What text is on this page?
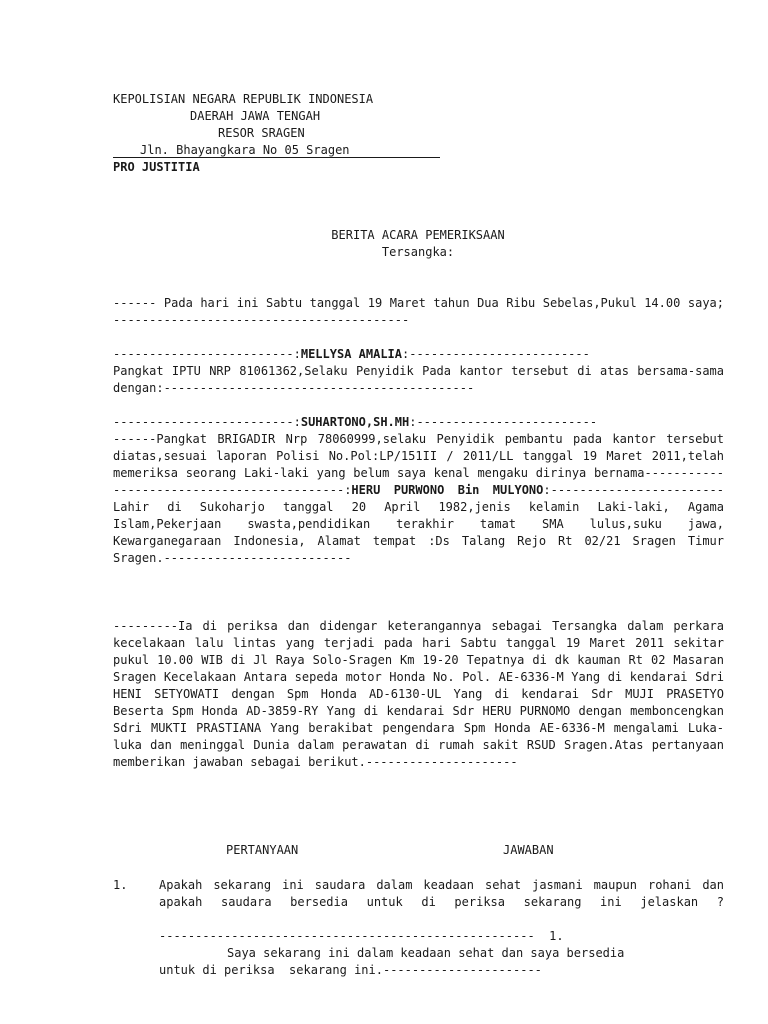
KEPOLISIAN NEGARA REPUBLIK INDONESIA
DAERAH JAWA TENGAH
RESOR SRAGEN
Jln. Bhayangkara No 05 Sragen
PRO JUSTITIA
BERITA ACARA PEMERIKSAAN
Tersangka:
------ Pada hari ini Sabtu tanggal 19 Maret tahun Dua Ribu Sebelas,Pukul 14.00 saya; -----------------------------------------
-------------------------:MELLYSA AMALIA:-------------------------
Pangkat IPTU NRP 81061362,Selaku Penyidik Pada kantor tersebut di atas bersama-sama dengan:-------------------------------------------
-------------------------:SUHARTONO,SH.MH:-------------------------
------Pangkat BRIGADIR Nrp 78060999,selaku Penyidik pembantu pada kantor tersebut diatas,sesuai laporan Polisi No.Pol:LP/151II / 2011/LL tanggal 19 Maret 2011,telah memeriksa seorang Laki-laki yang belum saya kenal mengaku dirinya bernama-------------------------------------------:HERU PURWONO Bin MULYONO:------------------------Lahir di Sukoharjo tanggal 20 April 1982,jenis kelamin Laki-laki, Agama Islam,Pekerjaan swasta,pendidikan terakhir tamat SMA lulus,suku jawa, Kewarganegaraan Indonesia, Alamat tempat :Ds Talang Rejo Rt 02/21 Sragen Timur Sragen.--------------------------
---------Ia di periksa dan didengar keterangannya sebagai Tersangka dalam perkara kecelakaan lalu lintas yang terjadi pada hari Sabtu tanggal 19 Maret 2011 sekitar pukul 10.00 WIB di Jl Raya Solo-Sragen Km 19-20 Tepatnya di dk kauman Rt 02 Masaran Sragen Kecelakaan Antara sepeda motor Honda No. Pol. AE-6336-M Yang di kendarai Sdri HENI SETYOWATI dengan Spm Honda AD-6130-UL Yang di kendarai Sdr MUJI PRASETYO Beserta Spm Honda AD-3859-RY Yang di kendarai Sdr HERU PURNOMO dengan membonceng​kan Sdri MUKTI PRASTIANA Yang berakibat pengendara Spm Honda AE-6336-M mengalami Luka-luka dan meninggal Dunia dalam perawatan di rumah sakit RSUD Sragen.Atas pertanyaan memberikan jawaban sebagai berikut.---------------------
PERTANYAAN	JAWABAN
1.	Apakah sekarang ini saudara dalam keadaan sehat jasmani maupun rohani dan apakah saudara bersedia untuk di periksa sekarang ini jelaskan ?
---------------------------------------------------- 1.
Saya sekarang ini dalam keadaan sehat dan saya bersedia
untuk di periksa  sekarang ini.----------------------
